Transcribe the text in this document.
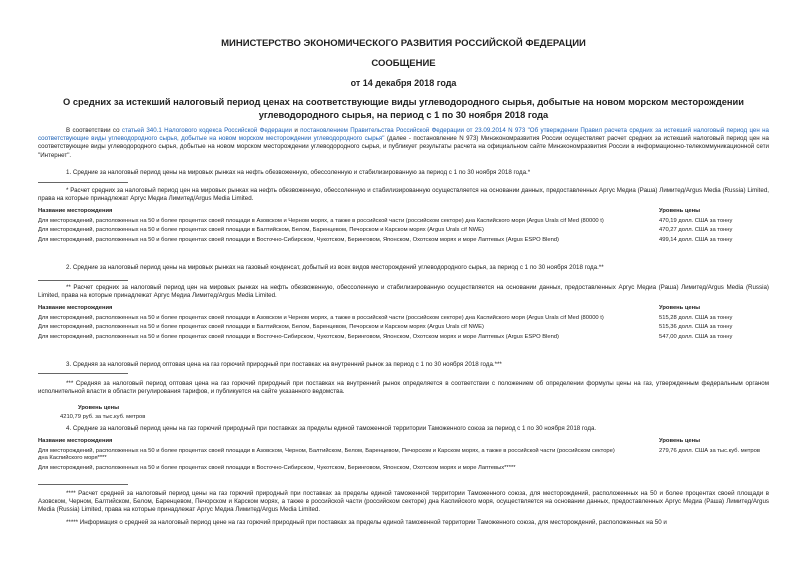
МИНИСТЕРСТВО ЭКОНОМИЧЕСКОГО РАЗВИТИЯ РОССИЙСКОЙ ФЕДЕРАЦИИ
СООБЩЕНИЕ
от 14 декабря 2018 года
О средних за истекший налоговый период ценах на соответствующие виды углеводородного сырья, добытые на новом морском месторождении углеводородного сырья, на период с 1 по 30 ноября 2018 года
В соответствии со статьей 340.1 Налогового кодекса Российской Федерации и постановлением Правительства Российской Федерации от 23.09.2014 N 973 "Об утверждении Правил расчета средних за истекший налоговый период цен на соответствующие виды углеводородного сырья, добытые на новом морском месторождении углеводородного сырья" (далее - постановление N 973) Минэкономразвития России осуществляет расчет средних за истекший налоговый период цен на соответствующие виды углеводородного сырья, добытые на новом морском месторождении углеводородного сырья, и публикует результаты расчета на официальном сайте Минэкономразвития России в информационно-телекоммуникационной сети "Интернет".
1. Средние за налоговый период цены на мировых рынках на нефть обезвоженную, обессоленную и стабилизированную за период с 1 по 30 ноября 2018 года.*
* Расчет средних за налоговый период цен на мировых рынках на нефть обезвоженную, обессоленную и стабилизированную осуществляется на основании данных, предоставленных Аргус Медиа (Раша) Лимитед/Argus Media (Russia) Limited, права на которые принадлежат Аргус Медиа Лимитед/Argus Media Limited.
Название месторождения	Уровень цены
Для месторождений, расположенных на 50 и более процентах своей площади в Азовском и Черном морях, а также в российской части (российском секторе) дна Каспийского моря (Argus Urals cif Med (80000 t)	470,19 долл. США за тонну
Для месторождений, расположенных на 50 и более процентах своей площади в Балтийском, Белом, Баренцевом, Печорском и Карском морях (Argus Urals cif NWE)	470,27 долл. США за тонну
Для месторождений, расположенных на 50 и более процентах своей площади в Восточно-Сибирском, Чукотском, Беринговом, Японском, Охотском морях и море Лаптевых (Argus ESPO Blend)	499,14 долл. США за тонну
2. Средние за налоговый период цены на мировых рынках на газовый конденсат, добытый из всех видов месторождений углеводородного сырья, за период с 1 по 30 ноября 2018 года.**
** Расчет средних за налоговый период цен на мировых рынках на нефть обезвоженную, обессоленную и стабилизированную осуществляется на основании данных, предоставленных Аргус Медиа (Раша) Лимитед/Argus Media (Russia) Limited, права на которые принадлежат Аргус Медиа Лимитед/Argus Media Limited.
Название месторождения	Уровень цены
Для месторождений, расположенных на 50 и более процентах своей площади в Азовском и Черном морях, а также в российской части (российском секторе) дна Каспийского моря (Argus Urals cif Med (80000 t)	515,28 долл. США за тонну
Для месторождений, расположенных на 50 и более процентах своей площади в Балтийском, Белом, Баренцевом, Печорском и Карском морях (Argus Urals cif NWE)	515,36 долл. США за тонну
Для месторождений, расположенных на 50 и более процентах своей площади в Восточно-Сибирском, Чукотском, Беринговом, Японском, Охотском морях и море Лаптевых (Argus ESPO Blend)	547,00 долл. США за тонну
3. Средняя за налоговый период оптовая цена на газ горючий природный при поставках на внутренний рынок за период с 1 по 30 ноября 2018 года.***
*** Средняя за налоговый период оптовая цена на газ горючий природный при поставках на внутренний рынок определяется в соответствии с положением об определении формулы цены на газ, утвержденным федеральным органом исполнительной власти в области регулирования тарифов, и публикуется на сайте указанного ведомства.
Уровень цены
4210,79 руб. за тыс.куб. метров
4. Средние за налоговый период цены на газ горючий природный при поставках за пределы единой таможенной территории Таможенного союза за период с 1 по 30 ноября 2018 года.
Название месторождения	Уровень цены
Для месторождений, расположенных на 50 и более процентах своей площади в Азовском, Черном, Балтийском, Белом, Баренцевом, Печорском и Карском морях, а также в российской части (российском секторе) дна Каспийского моря****	279,76 долл. США за тыс.куб. метров
Для месторождений, расположенных на 50 и более процентах своей площади в Восточно-Сибирском, Чукотском, Беринговом, Японском, Охотском морях и море Лаптевых*****	
**** Расчет средней за налоговый период цены на газ горючий природный при поставках за пределы единой таможенной территории Таможенного союза, для месторождений, расположенных на 50 и более процентах своей площади в Азовском, Черном, Балтийском, Белом, Баренцевом, Печорском и Карском морях, а также в российской части (российском секторе) дна Каспийского моря, осуществляется на основании данных, предоставленных Аргус Медиа (Раша) Лимитед/Argus Media (Russia) Limited, права на которые принадлежат Аргус Медиа Лимитед/Argus Media Limited.
***** Информация о средней за налоговый период цене на газ горючий природный при поставках за пределы единой таможенной территории Таможенного союза, для месторождений, расположенных на 50 и
